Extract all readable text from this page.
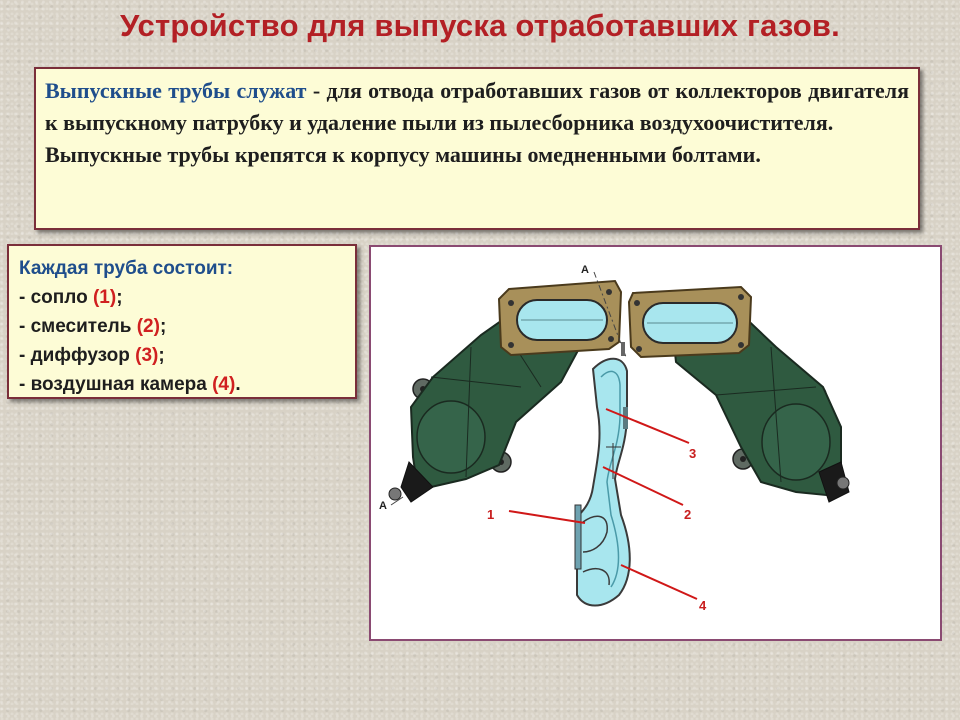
Устройство для выпуска отработавших газов.

Выпускные трубы служат - для отвода отработавших газов от коллекторов двигателя к выпускному патрубку и удаление пыли из пылесборника воздухоочистителя.

Выпускные трубы крепятся к корпусу машины омедненными болтами.

Каждая труба состоит:
- сопло (1);
- смеситель (2);
- диффузор (3);
- воздушная камера (4).
А
А
1	2
3
4
